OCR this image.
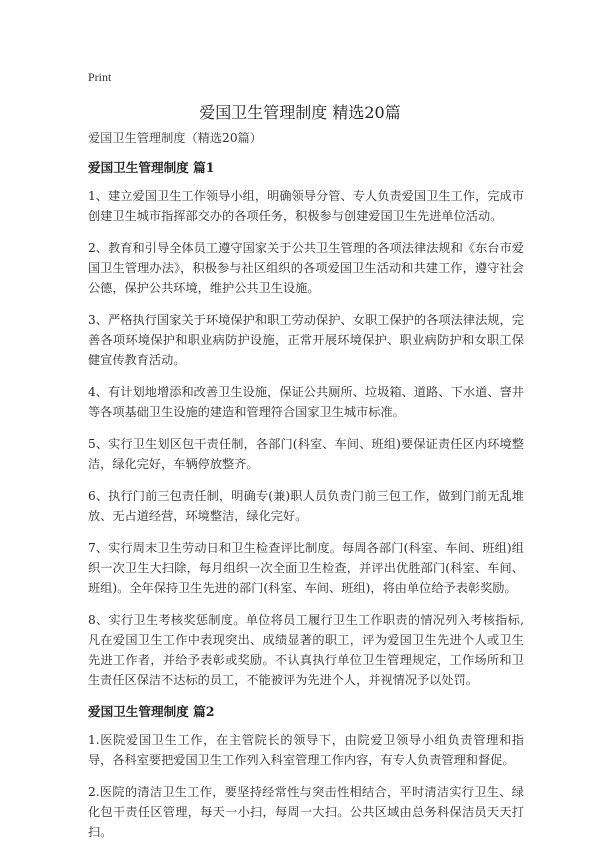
Print
爱国卫生管理制度 精选20篇

爱国卫生管理制度（精选20篇）

爱国卫生管理制度 篇1

1、建立爱国卫生工作领导小组，明确领导分管、专人负责爱国卫生工作，完成市创建卫生城市指挥部交办的各项任务，积极参与创建爱国卫生先进单位活动。

2、教育和引导全体员工遵守国家关于公共卫生管理的各项法律法规和《东台市爱国卫生管理办法》，积极参与社区组织的各项爱国卫生活动和共建工作，遵守社会公德，保护公共环境，维护公共卫生设施。

3、严格执行国家关于环境保护和职工劳动保护、女职工保护的各项法律法规，完善各项环境保护和职业病防护设施，正常开展环境保护、职业病防护和女职工保健宣传教育活动。

4、有计划地增添和改善卫生设施，保证公共厕所、垃圾箱、道路、下水道、窨井等各项基础卫生设施的建造和管理符合国家卫生城市标准。

5、实行卫生划区包干责任制，各部门(科室、车间、班组)要保证责任区内环境整洁，绿化完好，车辆停放整齐。

6、执行门前三包责任制，明确专(兼)职人员负责门前三包工作，做到门前无乱堆放、无占道经营，环境整洁，绿化完好。

7、实行周末卫生劳动日和卫生检查评比制度。每周各部门(科室、车间、班组)组织一次卫生大扫除，每月组织一次全面卫生检查，并评出优胜部门(科室、车间、班组)。全年保持卫生先进的部门(科室、车间、班组)，将由单位给予表彰奖励。

8、实行卫生考核奖惩制度。单位将员工履行卫生工作职责的情况列入考核指标,凡在爱国卫生工作中表现突出、成绩显著的职工，评为爱国卫生先进个人或卫生先进工作者，并给予表彰或奖励。不认真执行单位卫生管理规定，工作场所和卫生责任区保洁不达标的员工，不能被评为先进个人，并视情况予以处罚。

爱国卫生管理制度 篇2

1.医院爱国卫生工作，在主管院长的领导下，由院爱卫领导小组负责管理和指导，各科室要把爱国卫生工作列入科室管理工作内容，有专人负责管理和督促。

2.医院的清洁卫生工作，要坚持经常性与突击性相结合，平时清洁实行卫生、绿化包干责任区管理，每天一小扫，每周一大扫。公共区域由总务科保洁员天天打扫。
